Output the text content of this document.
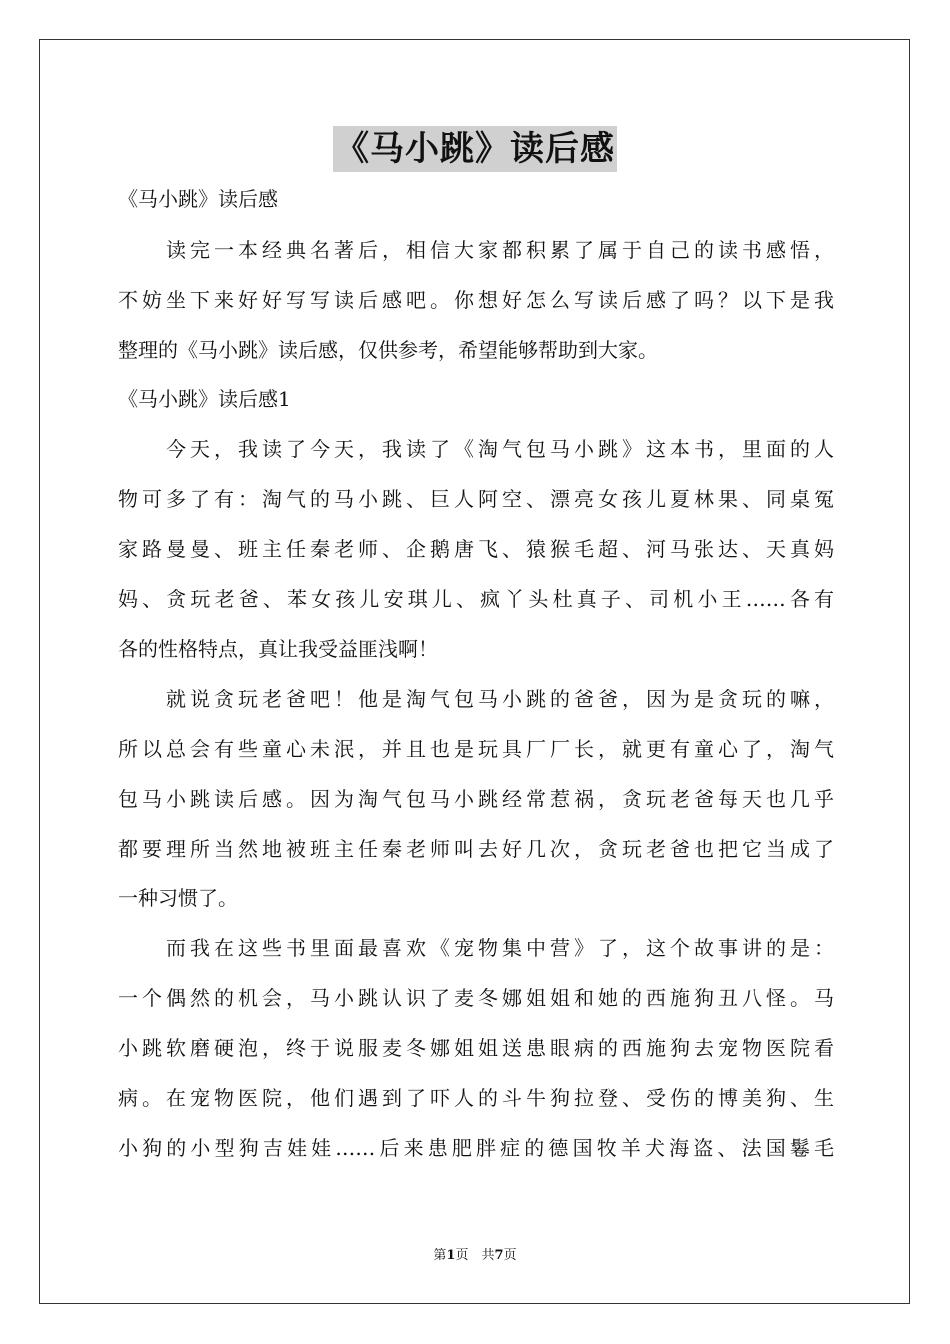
《马小跳》读后感
《马小跳》读后感
　　读完一本经典名著后，相信大家都积累了属于自己的读书感悟，
不妨坐下来好好写写读后感吧。你想好怎么写读后感了吗？以下是我
整理的《马小跳》读后感，仅供参考，希望能够帮助到大家。
《马小跳》读后感1
　　今天，我读了今天，我读了《淘气包马小跳》这本书，里面的人
物可多了有：淘气的马小跳、巨人阿空、漂亮女孩儿夏林果、同桌冤
家路曼曼、班主任秦老师、企鹅唐飞、猿猴毛超、河马张达、天真妈
妈、贪玩老爸、苯女孩儿安琪儿、疯丫头杜真子、司机小王……各有
各的性格特点，真让我受益匪浅啊！
　　就说贪玩老爸吧！他是淘气包马小跳的爸爸，因为是贪玩的嘛，
所以总会有些童心未泯，并且也是玩具厂厂长，就更有童心了，淘气
包马小跳读后感。因为淘气包马小跳经常惹祸，贪玩老爸每天也几乎
都要理所当然地被班主任秦老师叫去好几次，贪玩老爸也把它当成了
一种习惯了。
　　而我在这些书里面最喜欢《宠物集中营》了，这个故事讲的是：
一个偶然的机会，马小跳认识了麦冬娜姐姐和她的西施狗丑八怪。马
小跳软磨硬泡，终于说服麦冬娜姐姐送患眼病的西施狗去宠物医院看
病。在宠物医院，他们遇到了吓人的斗牛狗拉登、受伤的博美狗、生
小狗的小型狗吉娃娃……后来患肥胖症的德国牧羊犬海盗、法国鬈毛
第1页　 共7页
